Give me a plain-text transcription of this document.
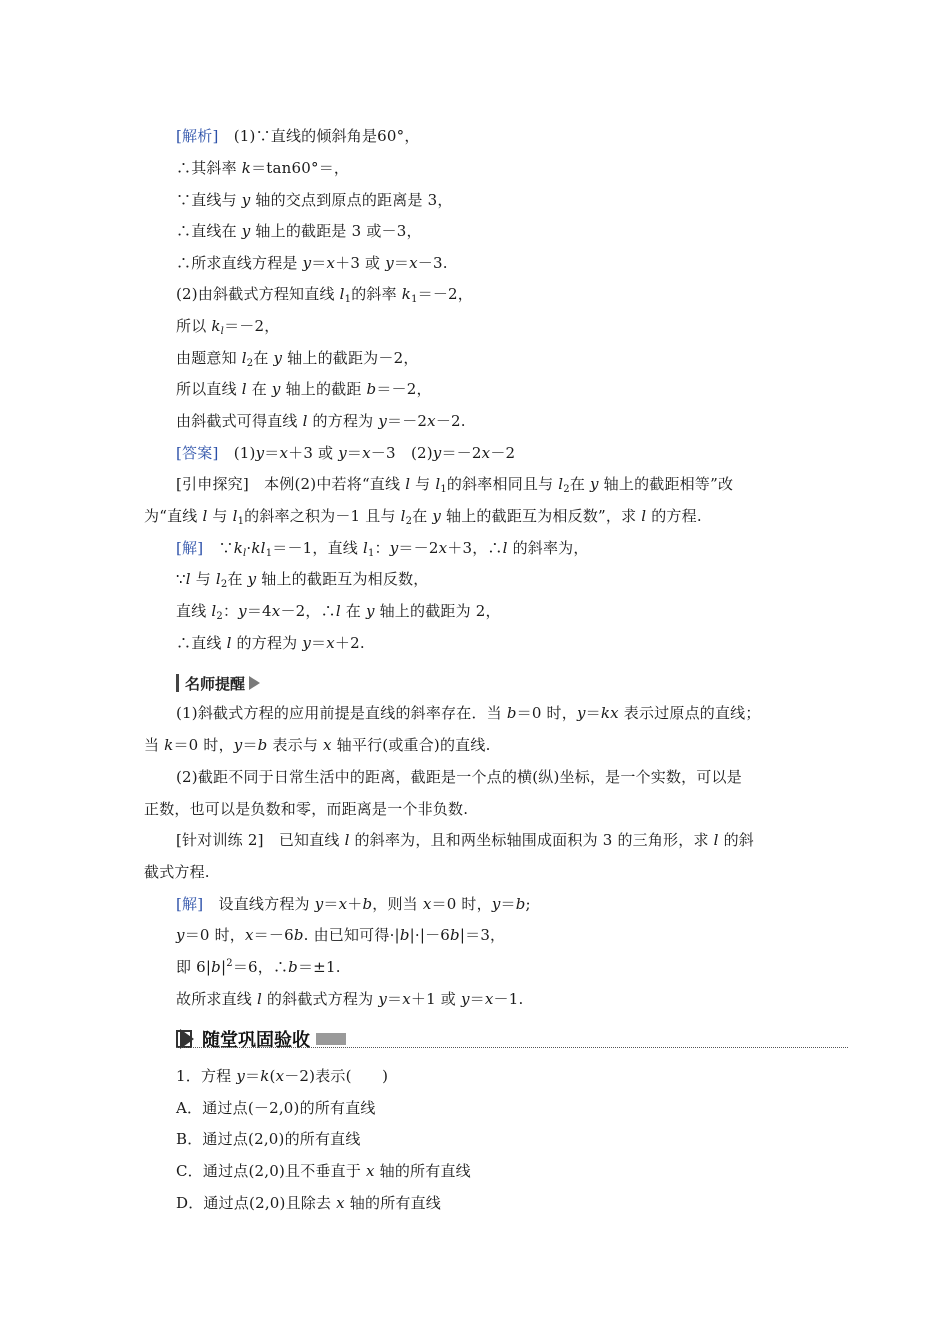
[解析]　 (1)∵直线的倾斜角是60°，
∴其斜率 k＝tan60°＝，
∵直线与 y 轴的交点到原点的距离是 3，
∴直线在 y 轴上的截距是 3 或－3，
∴所求直线方程是 y＝x＋3 或 y＝x－3.
(2)由斜截式方程知直线 $l_1$的斜率 $k_1=-2$，
所以 $k_l=-2$，
由题意知 $l_2$在 y 轴上的截距为－2，
所以直线 l 在 y 轴上的截距 b＝－2，
由斜截式可得直线 l 的方程为 y＝－2x－2.
[答案]　 (1)y＝x＋3 或 y＝x－3　(2)y＝－2x－2
[引申探究]　本例(2)中若将“直线 l 与 $l_1$的斜率相同且与 $l_2$在 y 轴上的截距相等”改
为“直线 l 与 $l_1$的斜率之积为－1 且与 $l_2$在 y 轴上的截距互为相反数”，求 l 的方程.
[解]　$\because k_l\cdot kl_1=-1$，直线 $l_1$：y＝－2x＋3，∴l 的斜率为，
∵l 与 $l_2$在 y 轴上的截距互为相反数，
直线 $l_2$：y＝4x－2，∴l 在 y 轴上的截距为 2，
∴直线 l 的方程为 y＝x＋2.
名师提醒
(1)斜截式方程的应用前提是直线的斜率存在．当 b＝0 时，y＝kx 表示过原点的直线；
当 k＝0 时，y＝b 表示与 x 轴平行(或重合)的直线.
(2)截距不同于日常生活中的距离，截距是一个点的横(纵)坐标，是一个实数，可以是
正数，也可以是负数和零，而距离是一个非负数.
[针对训练 2]　已知直线 l 的斜率为，且和两坐标轴围成面积为 3 的三角形，求 l 的斜
截式方程.
[解]　设直线方程为 y＝x＋b，则当 x＝0 时，y＝b;
y＝0 时，x＝－6b. 由已知可得·|b|·|－6b|＝3，
即 $6|b|^2=6$，∴b＝±1.
故所求直线 l 的斜截式方程为 y＝x＋1 或 y＝x－1.
随堂巩固验收
1．方程 y＝k(x－2)表示(　　)
A．通过点(－2,0)的所有直线
B．通过点(2,0)的所有直线
C．通过点(2,0)且不垂直于 x 轴的所有直线
D．通过点(2,0)且除去 x 轴的所有直线
